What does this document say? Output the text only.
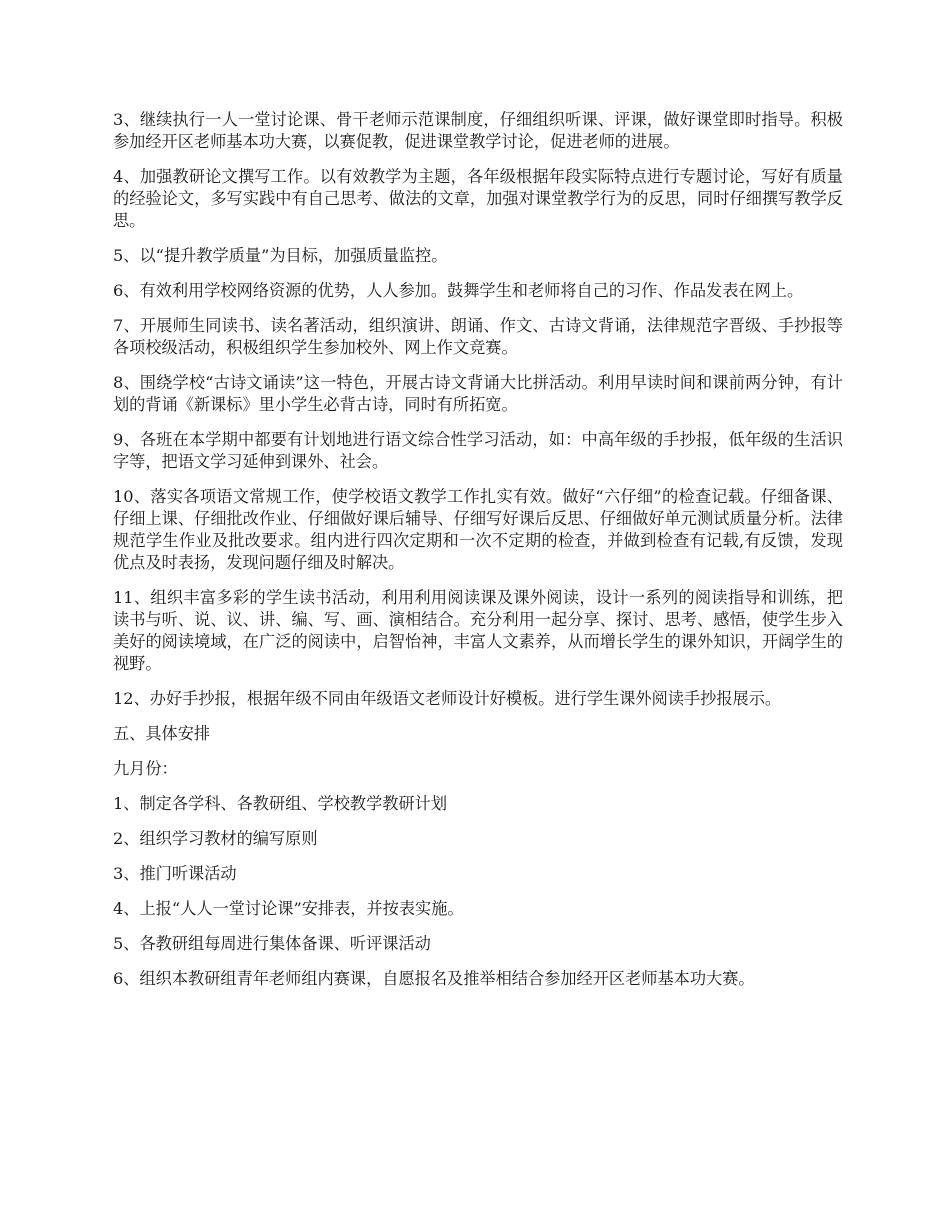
3、继续执行一人一堂讨论课、骨干老师示范课制度，仔细组织听课、评课，做好课堂即时指导。积极参加经开区老师基本功大赛，以赛促教，促进课堂教学讨论，促进老师的进展。

4、加强教研论文撰写工作。以有效教学为主题，各年级根据年段实际特点进行专题讨论，写好有质量的经验论文，多写实践中有自己思考、做法的文章，加强对课堂教学行为的反思，同时仔细撰写教学反思。

5、以“提升教学质量”为目标，加强质量监控。

6、有效利用学校网络资源的优势，人人参加。鼓舞学生和老师将自己的习作、作品发表在网上。

7、开展师生同读书、读名著活动，组织演讲、朗诵、作文、古诗文背诵，法律规范字晋级、手抄报等各项校级活动，积极组织学生参加校外、网上作文竞赛。

8、围绕学校“古诗文诵读”这一特色，开展古诗文背诵大比拼活动。利用早读时间和课前两分钟，有计划的背诵《新课标》里小学生必背古诗，同时有所拓宽。

9、各班在本学期中都要有计划地进行语文综合性学习活动，如：中高年级的手抄报，低年级的生活识字等，把语文学习延伸到课外、社会。

10、落实各项语文常规工作，使学校语文教学工作扎实有效。做好“六仔细”的检查记载。仔细备课、仔细上课、仔细批改作业、仔细做好课后辅导、仔细写好课后反思、仔细做好单元测试质量分析。法律规范学生作业及批改要求。组内进行四次定期和一次不定期的检查，并做到检查有记载,有反馈，发现优点及时表扬，发现问题仔细及时解决。

11、组织丰富多彩的学生读书活动，利用利用阅读课及课外阅读，设计一系列的阅读指导和训练，把读书与听、说、议、讲、编、写、画、演相结合。充分利用一起分享、探讨、思考、感悟，使学生步入美好的阅读境域，在广泛的阅读中，启智怡神，丰富人文素养，从而增长学生的课外知识，开阔学生的视野。

12、办好手抄报，根据年级不同由年级语文老师设计好模板。进行学生课外阅读手抄报展示。

五、具体安排

九月份：

1、制定各学科、各教研组、学校教学教研计划

2、组织学习教材的编写原则

3、推门听课活动

4、上报“人人一堂讨论课”安排表，并按表实施。

5、各教研组每周进行集体备课、听评课活动

6、组织本教研组青年老师组内赛课，自愿报名及推举相结合参加经开区老师基本功大赛。
